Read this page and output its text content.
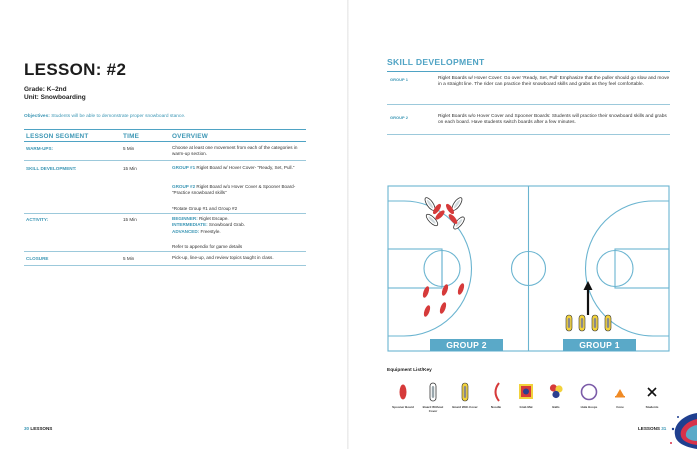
LESSON: #2
Grade: K–2nd
Unit: Snowboarding
Objectives: Students will be able to demonstrate proper snowboard stance.
LESSON SEGMENT	TIME	OVERVIEW
WARM-UPS:	5 Min	Choose at least one movement from each of the categories in warm-up section.
SKILL DEVELOPMENT:	15 Min	GROUP #1 Riglet Board w/ Hover Cover- “Ready, Set, Pull.”
GROUP #2 Riglet Board w/o Hover Cover & Spooner Board- “Practice snowboard skills”
*Rotate Group #1 and Group #2
ACTIVITY:	15 Min	BEGINNER: Riglet Escape.
INTERMEDIATE: Snowboard Grab.
ADVANCED: Freestyle.
Refer to appendix for game details
CLOSURE	5 Min	Pick-up, line-up, and review topics taught in class.
30 LESSONS
SKILL DEVELOPMENT
GROUP 1	Riglet Boards w/ Hover Cover: Go over ‘Ready, Set, Pull’ Emphasize that the puller should go slow and move in a straight line. The rider can practice their snowboard skills and grabs as they feel comfortable.
GROUP 2	Riglet Boards w/o Hover Cover and Spooner Boards: Students will practice their snowboard skills and grabs on each board. Have students switch boards after a few minutes.
GROUP 2	GROUP 1
Equipment List/Key
Spooner Board	Board Without Cover
Board With Cover	Noodle	Grab Mat	Balls	Hula Hoops	Cone	Students
LESSONS 31
